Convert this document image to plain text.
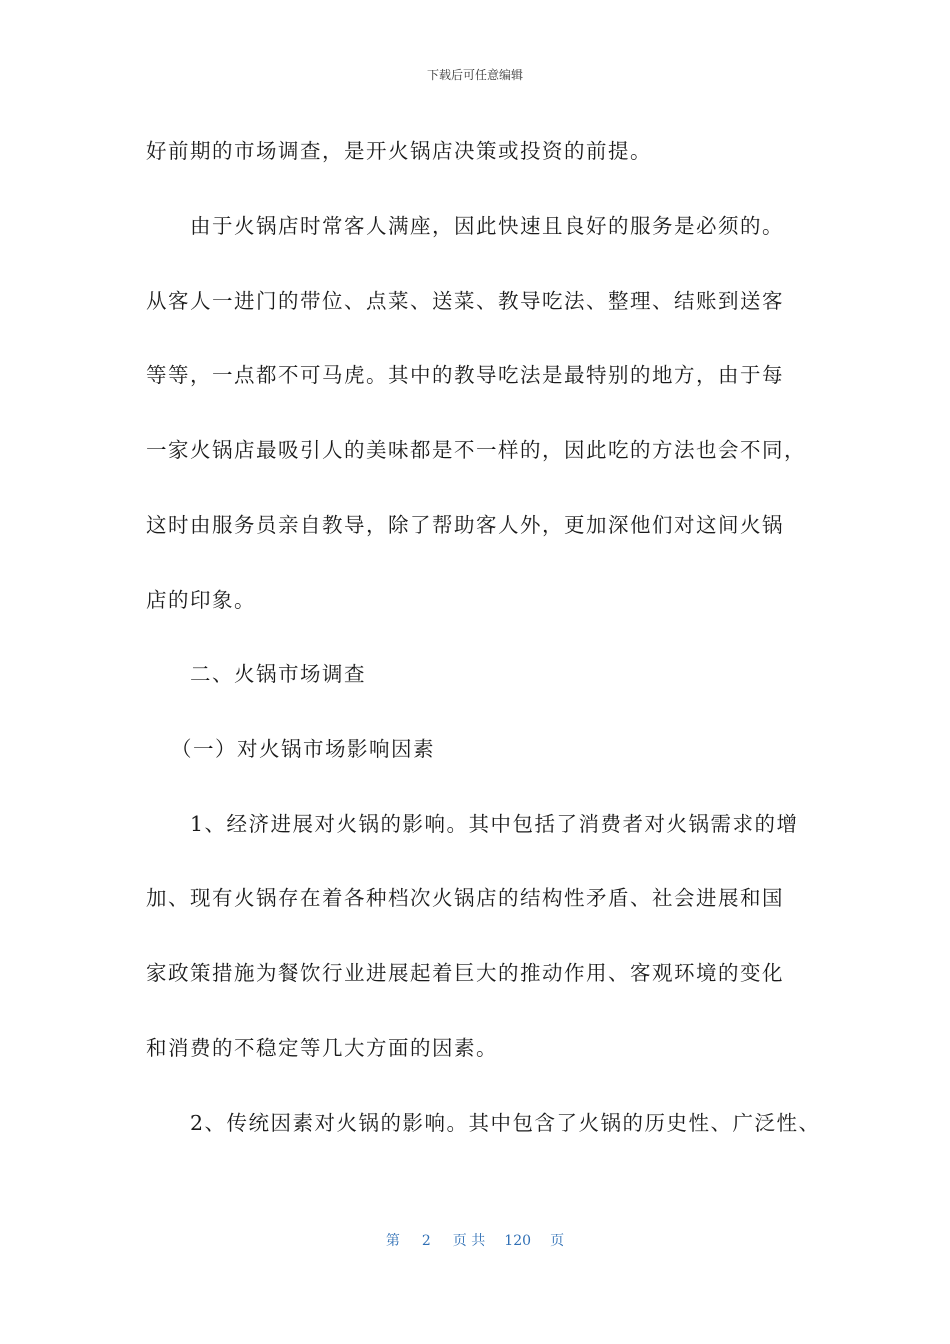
下载后可任意编辑
好前期的市场调查，是开火锅店决策或投资的前提。
由于火锅店时常客人满座，因此快速且良好的服务是必须的。
从客人一进门的带位、点菜、送菜、教导吃法、整理、结账到送客
等等，一点都不可马虎。其中的教导吃法是最特别的地方，由于每
一家火锅店最吸引人的美味都是不一样的，因此吃的方法也会不同，
这时由服务员亲自教导，除了帮助客人外，更加深他们对这间火锅
店的印象。
二、火锅市场调查
（一）对火锅市场影响因素
1、经济进展对火锅的影响。其中包括了消费者对火锅需求的增
加、现有火锅存在着各种档次火锅店的结构性矛盾、社会进展和国
家政策措施为餐饮行业进展起着巨大的推动作用、客观环境的变化
和消费的不稳定等几大方面的因素。
2、传统因素对火锅的影响。其中包含了火锅的历史性、广泛性、
第 2 页 共 120 页
